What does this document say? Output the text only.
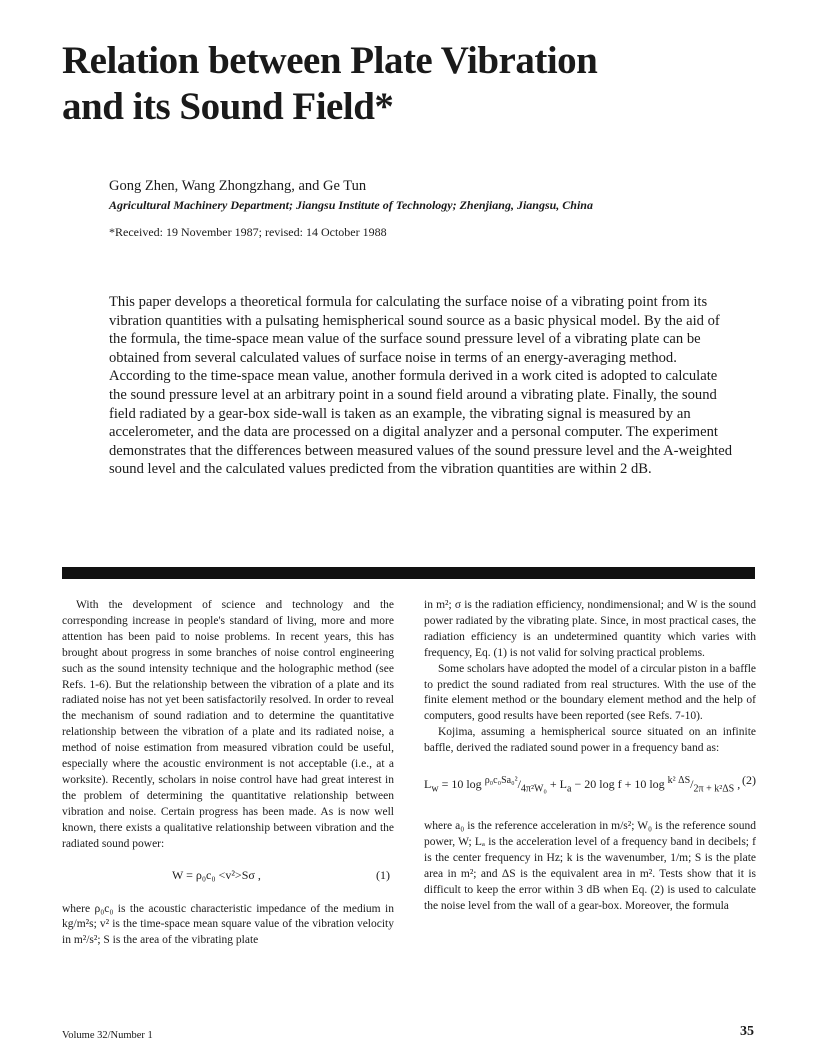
Relation between Plate Vibration
and its Sound Field*
Gong Zhen, Wang Zhongzhang, and Ge Tun
Agricultural Machinery Department; Jiangsu Institute of Technology; Zhenjiang, Jiangsu, China
*Received: 19 November 1987; revised: 14 October 1988
This paper develops a theoretical formula for calculating the surface noise of a vibrating point from its vibration quantities with a pulsating hemispherical sound source as a basic physical model. By the aid of the formula, the time-space mean value of the surface sound pressure level of a vibrating plate can be obtained from several calculated values of surface noise in terms of an energy-averaging method. According to the time-space mean value, another formula derived in a work cited is adopted to calculate the sound pressure level at an arbitrary point in a sound field around a vibrating plate. Finally, the sound field radiated by a gear-box side-wall is taken as an example, the vibrating signal is measured by an accelerometer, and the data are processed on a digital analyzer and a personal computer. The experiment demonstrates that the differences between measured values of the sound pressure level and the A-weighted sound level and the calculated values predicted from the vibration quantities are within 2 dB.

With the development of science and technology and the corresponding increase in people's standard of living, more and more attention has been paid to noise problems. In recent years, this has brought about progress in some branches of noise control engineering such as the sound intensity technique and the holographic method (see Refs. 1-6). But the relationship between the vibration of a plate and its radiated noise has not yet been satisfactorily resolved. In order to reveal the mechanism of sound radiation and to determine the quantitative relationship between the vibration of a plate and its radiated noise, a method of noise estimation from measured vibration could be useful, especially where the acoustic environment is not acceptable (i.e., at a worksite). Recently, scholars in noise control have had great interest in the problem of determining the quantitative relationship between vibration and noise. Certain progress has been made. As is now well known, there exists a qualitative relationship between vibration and the radiated sound power:

W = ρ₀c₀ <v²>Sσ ,	(1)

where ρ₀c₀ is the acoustic characteristic impedance of the medium in kg/m²s; v² is the time-space mean square value of the vibration velocity in m²/s²; S is the area of the vibrating plate

in m²; σ is the radiation efficiency, nondimensional; and W is the sound power radiated by the vibrating plate. Since, in most practical cases, the radiation efficiency is an undetermined quantity which varies with frequency, Eq. (1) is not valid for solving practical problems.

Some scholars have adopted the model of a circular piston in a baffle to predict the sound radiated from real structures. With the use of the finite element method or the boundary element method and the help of computers, good results have been reported (see Refs. 7-10).

Kojima, assuming a hemispherical source situated on an infinite baffle, derived the radiated sound power in a frequency band as:

$L_w = 10$ $\log ^{\rho_0c_0Sa_0^2}/_{4\pi^2W_0} + L_a - 20$ log f + 10 $\log ^{k^2 \Delta S}/_{2\pi + k^2\Delta S}$ , (2)

where a₀ is the reference acceleration in m/s²; W₀ is the reference sound power, W; Lₐ is the acceleration level of a frequency band in decibels; f is the center frequency in Hz; k is the wavenumber, 1/m; S is the plate area in m²; and ΔS is the equivalent area in m². Tests show that it is difficult to keep the error within 3 dB when Eq. (2) is used to calculate the noise level from the wall of a gear-box. Moreover, the formula

Volume 32/Number 1	35
